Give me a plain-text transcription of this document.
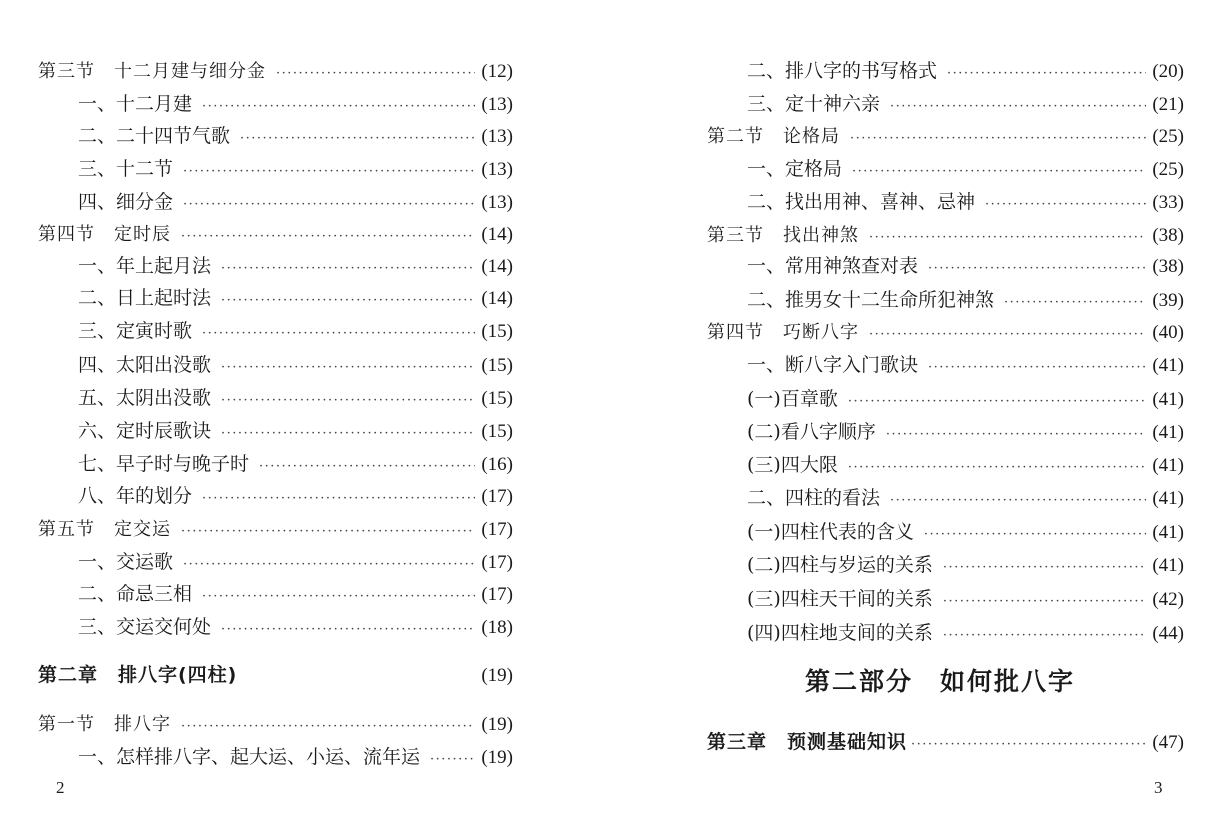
第三节　十二月建与细分金 ·····	(12)
一、十二月建 ·····	(13)
二、二十四节气歌 ·····	(13)
三、十二节 ·····	(13)
四、细分金 ·····	(13)
第四节　定时辰 ·····	(14)
一、年上起月法 ·····	(14)
二、日上起时法 ·····	(14)
三、定寅时歌 ·····	(15)
四、太阳出没歌 ·····	(15)
五、太阴出没歌 ·····	(15)
六、定时辰歌诀 ·····	(15)
七、早子时与晚子时 ·····	(16)
八、年的划分 ·····	(17)
第五节　定交运 ·····	(17)
一、交运歌 ·····	(17)
二、命忌三相 ·····	(17)
三、交运交何处 ·····	(18)
第二章　排八字(四柱)	(19)
第一节　排八字 ·····	(19)
一、怎样排八字、起大运、小运、流年运 ·····	(19)
2
二、排八字的书写格式 ·····	(20)
三、定十神六亲 ·····	(21)
第二节　论格局 ·····	(25)
一、定格局 ·····	(25)
二、找出用神、喜神、忌神 ·····	(33)
第三节　找出神煞 ·····	(38)
一、常用神煞查对表 ·····	(38)
二、推男女十二生命所犯神煞 ·····	(39)
第四节　巧断八字 ·····	(40)
一、断八字入门歌诀 ·····	(41)
(一)百章歌 ·····	(41)
(二)看八字顺序 ·····	(41)
(三)四大限 ·····	(41)
二、四柱的看法 ·····	(41)
(一)四柱代表的含义 ·····	(41)
(二)四柱与岁运的关系 ·····	(41)
(三)四柱天干间的关系 ·····	(42)
(四)四柱地支间的关系 ·····	(44)
第二部分　如何批八字
第三章　预测基础知识 ·····	(47)
3
